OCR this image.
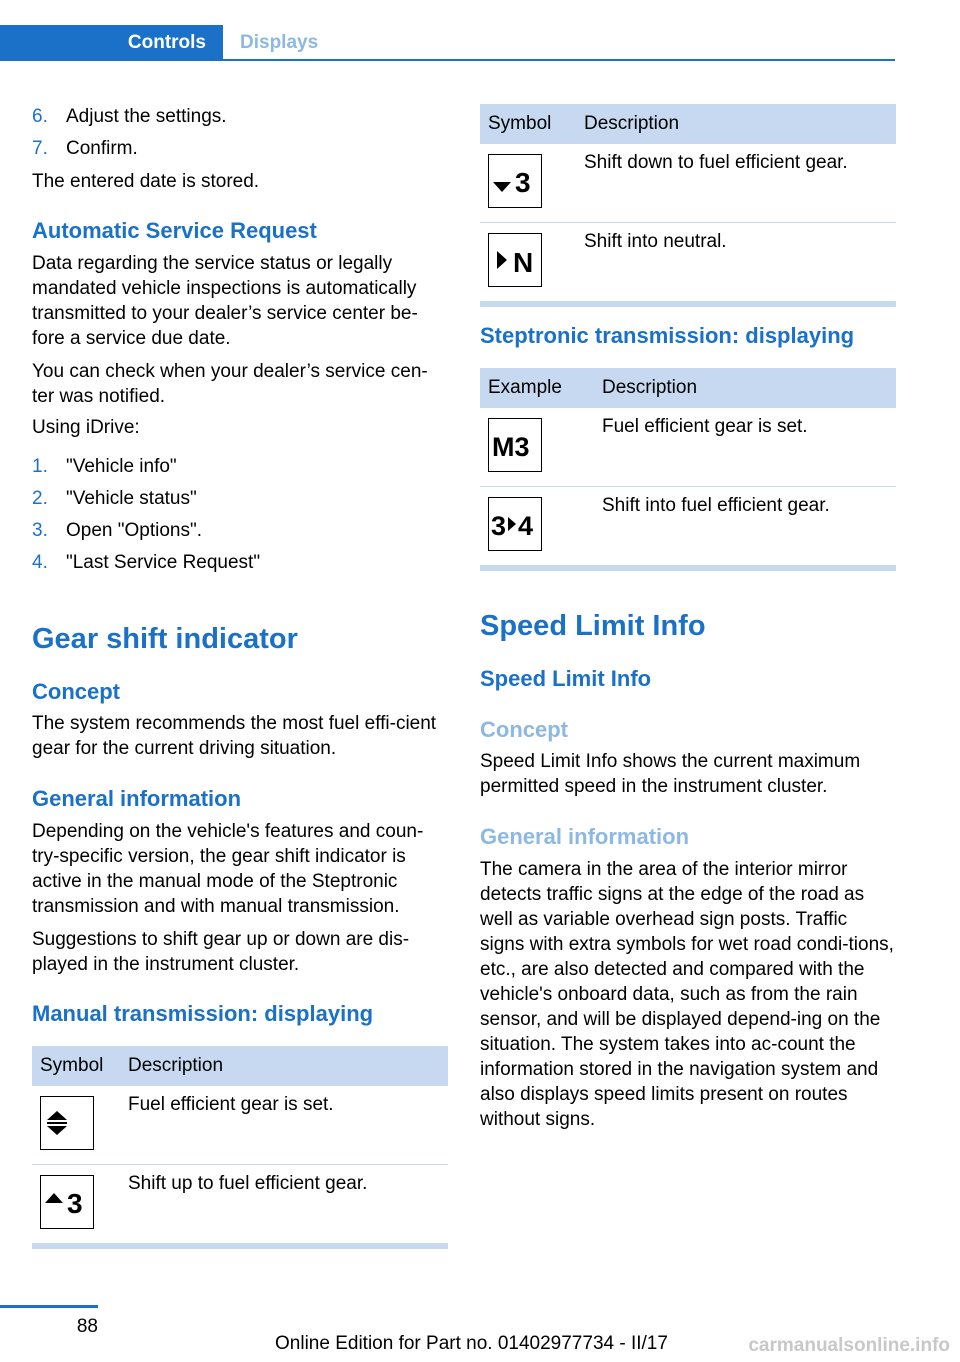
Controls	Displays
6. Adjust the settings.
7. Confirm.

The entered date is stored.

Automatic Service Request

Data regarding the service status or legally mandated vehicle inspections is automatically transmitted to your dealer’s service center be‐fore a service due date.

You can check when your dealer’s service cen‐ter was notified.

Using iDrive:

1. "Vehicle info"
2. "Vehicle status"
3. Open "Options".
4. "Last Service Request"
Gear shift indicator
Concept

The system recommends the most fuel effi‐cient gear for the current driving situation.

General information

Depending on the vehicle's features and coun‐try-specific version, the gear shift indicator is active in the manual mode of the Steptronic transmission and with manual transmission.

Suggestions to shift gear up or down are dis‐played in the instrument cluster.

Manual transmission: displaying
Symbol	Description

	Fuel efficient gear is set.

3	Shift up to fuel efficient gear.
Symbol	Description

3	Shift down to fuel efficient gear.

N	Shift into neutral.
Steptronic transmission: displaying
Example	Description

M3	Fuel efficient gear is set.

3 4	Shift into fuel efficient gear.
Speed Limit Info
Speed Limit Info
Concept

Speed Limit Info shows the current maximum permitted speed in the instrument cluster.

General information

The camera in the area of the interior mirror detects traffic signs at the edge of the road as well as variable overhead sign posts. Traffic signs with extra symbols for wet road condi‐tions, etc., are also detected and compared with the vehicle's onboard data, such as from the rain sensor, and will be displayed depend‐ing on the situation. The system takes into ac‐count the information stored in the navigation system and also displays speed limits present on routes without signs.

88
Online Edition for Part no. 01402977734 - II/17	carmanualsonline.info
